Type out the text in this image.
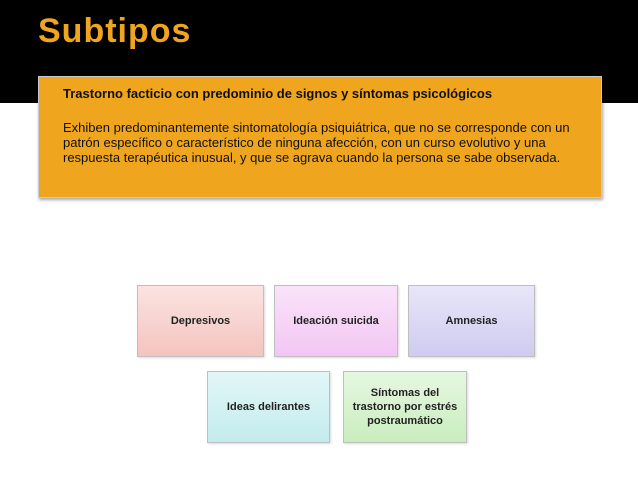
Subtipos
Trastorno facticio con predominio de signos y síntomas psicológicos
Exhiben predominantemente sintomatología psiquiátrica, que no se corresponde con un patrón específico o característico de ninguna afección, con un curso evolutivo y una respuesta terapéutica inusual, y que se agrava cuando la persona se sabe observada.
Depresivos	Ideación suicida	Amnesias
Ideas delirantes
Síntomas del trastorno por estrés postraumático
